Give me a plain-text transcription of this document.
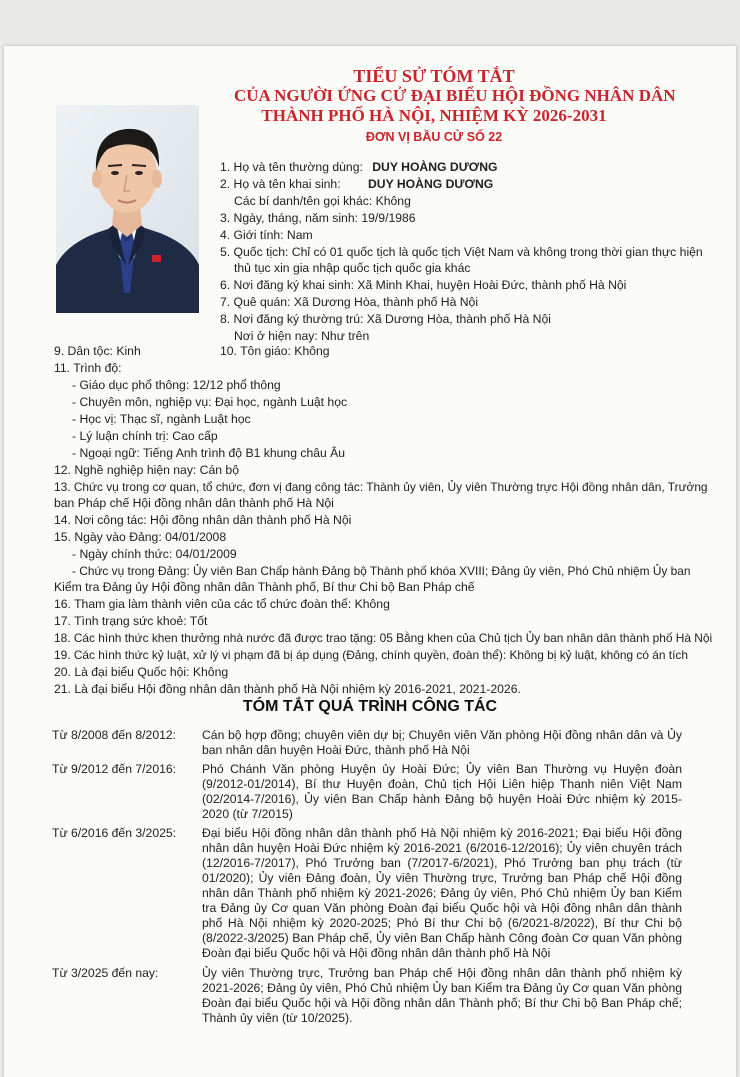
TIỂU SỬ TÓM TẮT
CỦA NGƯỜI ỨNG CỬ ĐẠI BIỂU HỘI ĐỒNG NHÂN DÂN
THÀNH PHỐ HÀ NỘI, NHIỆM KỲ 2026-2031
ĐƠN VỊ BẦU CỬ SỐ 22
1. Họ và tên thường dùng: DUY HOÀNG DƯƠNG
2. Họ và tên khai sinh: DUY HOÀNG DƯƠNG
Các bí danh/tên gọi khác: Không
3. Ngày, tháng, năm sinh: 19/9/1986
4. Giới tính: Nam
5. Quốc tịch: Chỉ có 01 quốc tịch là quốc tịch Việt Nam và không trong thời gian thực hiện
thủ tục xin gia nhập quốc tịch quốc gia khác
6. Nơi đăng ký khai sinh: Xã Minh Khai, huyện Hoài Đức, thành phố Hà Nội
7. Quê quán: Xã Dương Hòa, thành phố Hà Nội
8. Nơi đăng ký thường trú: Xã Dương Hòa, thành phố Hà Nội
Nơi ở hiện nay: Như trên
9. Dân tộc: Kinh	10. Tôn giáo: Không
11. Trình độ:
- Giáo dục phổ thông: 12/12 phổ thông
- Chuyên môn, nghiệp vụ: Đại học, ngành Luật học
- Học vị: Thạc sĩ, ngành Luật học
- Lý luận chính trị: Cao cấp
- Ngoại ngữ: Tiếng Anh trình độ B1 khung châu Âu
12. Nghề nghiệp hiện nay: Cán bộ
13. Chức vụ trong cơ quan, tổ chức, đơn vị đang công tác: Thành ủy viên, Ủy viên Thường trực Hội đồng nhân dân, Trưởng
ban Pháp chế Hội đồng nhân dân thành phố Hà Nội
14. Nơi công tác: Hội đồng nhân dân thành phố Hà Nội
15. Ngày vào Đảng: 04/01/2008
- Ngày chính thức: 04/01/2009
- Chức vụ trong Đảng: Ủy viên Ban Chấp hành Đảng bộ Thành phố khóa XVIII; Đảng ủy viên, Phó Chủ nhiệm Ủy ban
Kiểm tra Đảng ủy Hội đồng nhân dân Thành phố, Bí thư Chi bộ Ban Pháp chế
16. Tham gia làm thành viên của các tổ chức đoàn thể: Không
17. Tình trạng sức khoẻ: Tốt
18. Các hình thức khen thưởng nhà nước đã được trao tặng: 05 Bằng khen của Chủ tịch Ủy ban nhân dân thành phố Hà Nội
19. Các hình thức kỷ luật, xử lý vi phạm đã bị áp dụng (Đảng, chính quyền, đoàn thể): Không bị kỷ luật, không có án tích
20. Là đại biểu Quốc hội: Không
21. Là đại biểu Hội đồng nhân dân thành phố Hà Nội nhiệm kỳ 2016-2021, 2021-2026.
TÓM TẮT QUÁ TRÌNH CÔNG TÁC
Từ 8/2008 đến 8/2012: Cán bộ hợp đồng; chuyên viên dự bị; Chuyên viên Văn phòng Hội đồng nhân dân và Ủy ban nhân dân huyện Hoài Đức, thành phố Hà Nội
Từ 9/2012 đến 7/2016: Phó Chánh Văn phòng Huyện ủy Hoài Đức; Ủy viên Ban Thường vụ Huyện đoàn (9/2012-01/2014), Bí thư Huyện đoàn, Chủ tịch Hội Liên hiệp Thanh niên Việt Nam (02/2014-7/2016), Ủy viên Ban Chấp hành Đảng bộ huyện Hoài Đức nhiệm kỳ 2015-2020 (từ 7/2015)
Từ 6/2016 đến 3/2025: Đại biểu Hội đồng nhân dân thành phố Hà Nội nhiệm kỳ 2016-2021; Đại biểu Hội đồng nhân dân huyện Hoài Đức nhiệm kỳ 2016-2021 (6/2016-12/2016); Ủy viên chuyên trách (12/2016-7/2017), Phó Trưởng ban (7/2017-6/2021), Phó Trưởng ban phụ trách (từ 01/2020); Ủy viên Đảng đoàn, Ủy viên Thường trực, Trưởng ban Pháp chế Hội đồng nhân dân Thành phố nhiệm kỳ 2021-2026; Đảng ủy viên, Phó Chủ nhiệm Ủy ban Kiểm tra Đảng ủy Cơ quan Văn phòng Đoàn đại biểu Quốc hội và Hội đồng nhân dân thành phố Hà Nội nhiệm kỳ 2020-2025; Phó Bí thư Chi bộ (6/2021-8/2022), Bí thư Chi bộ (8/2022-3/2025) Ban Pháp chế, Ủy viên Ban Chấp hành Công đoàn Cơ quan Văn phòng Đoàn đại biểu Quốc hội và Hội đồng nhân dân thành phố Hà Nội
Từ 3/2025 đến nay:	Ủy viên Thường trực, Trưởng ban Pháp chế Hội đồng nhân dân thành phố nhiệm kỳ 2021-2026; Đảng ủy viên, Phó Chủ nhiệm Ủy ban Kiểm tra Đảng ủy Cơ quan Văn phòng Đoàn đại biểu Quốc hội và Hội đồng nhân dân Thành phố; Bí thư Chi bộ Ban Pháp chế; Thành ủy viên (từ 10/2025).
